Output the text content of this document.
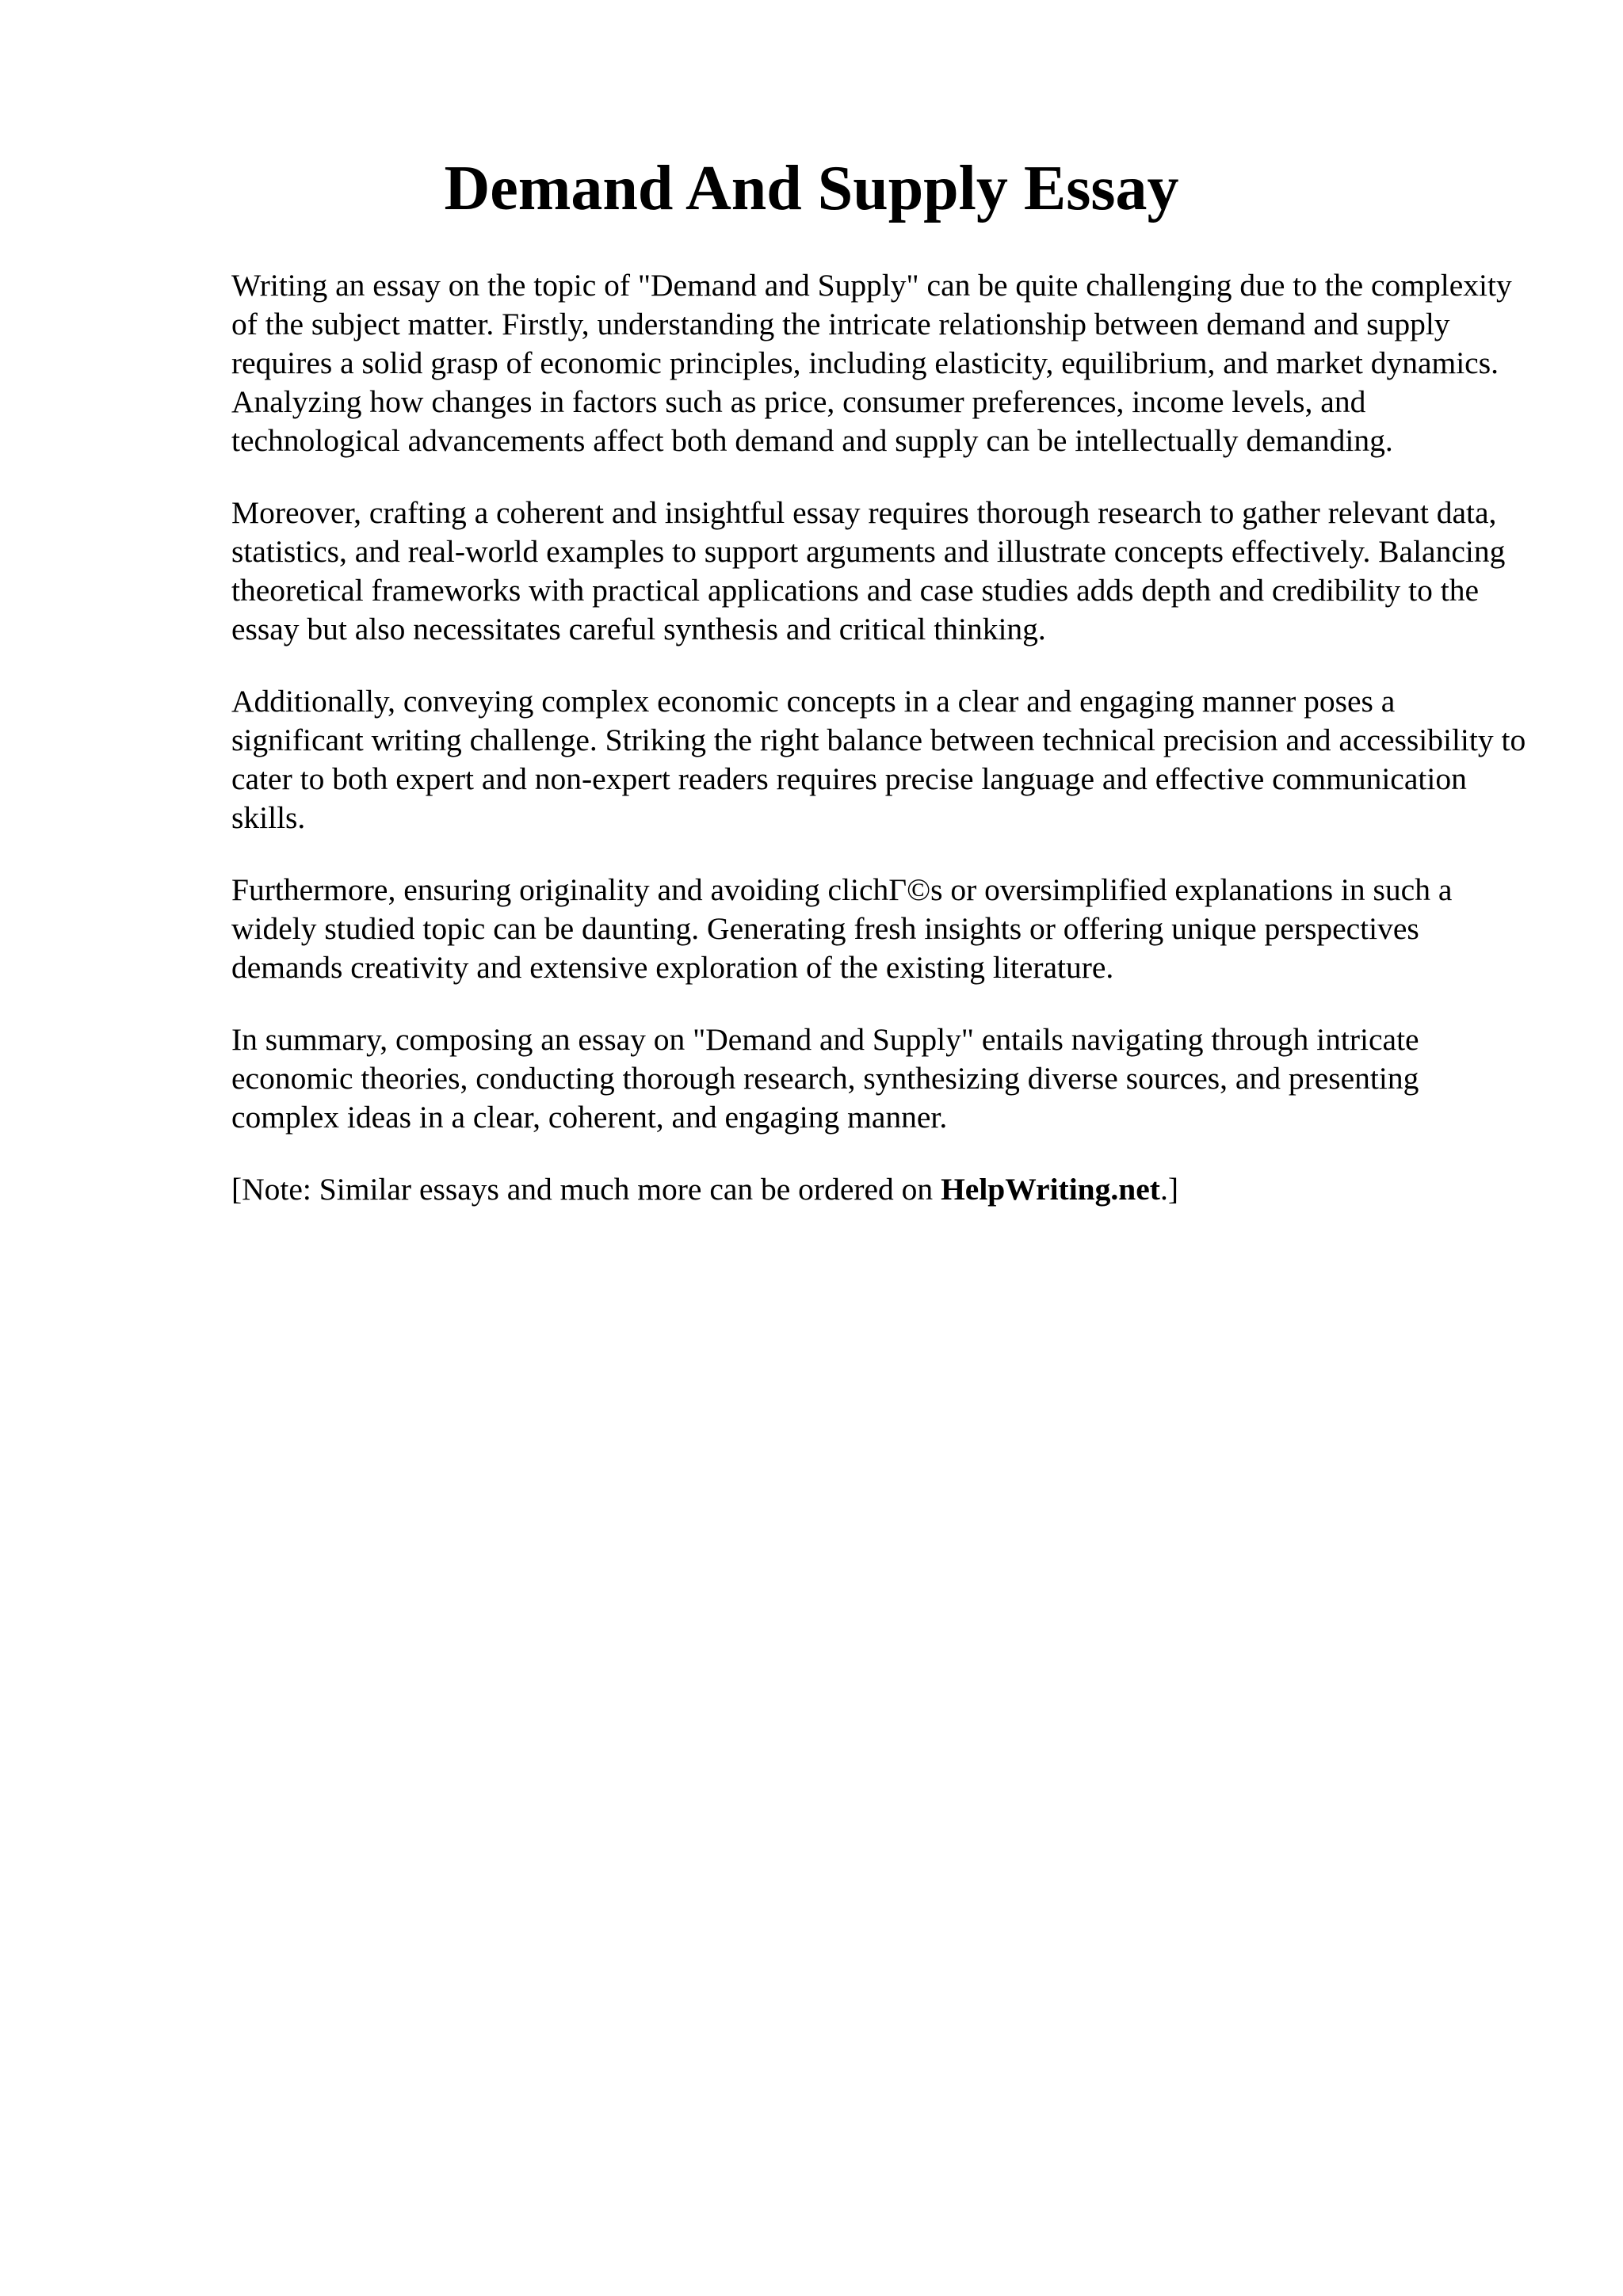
Demand And Supply Essay

Writing an essay on the topic of "Demand and Supply" can be quite challenging due to the complexity of the subject matter. Firstly, understanding the intricate relationship between demand and supply requires a solid grasp of economic principles, including elasticity, equilibrium, and market dynamics. Analyzing how changes in factors such as price, consumer preferences, income levels, and technological advancements affect both demand and supply can be intellectually demanding.

Moreover, crafting a coherent and insightful essay requires thorough research to gather relevant data, statistics, and real-world examples to support arguments and illustrate concepts effectively. Balancing theoretical frameworks with practical applications and case studies adds depth and credibility to the essay but also necessitates careful synthesis and critical thinking.

Additionally, conveying complex economic concepts in a clear and engaging manner poses a significant writing challenge. Striking the right balance between technical precision and accessibility to cater to both expert and non-expert readers requires precise language and effective communication skills.

Furthermore, ensuring originality and avoiding clichГ©s or oversimplified explanations in such a widely studied topic can be daunting. Generating fresh insights or offering unique perspectives demands creativity and extensive exploration of the existing literature.

In summary, composing an essay on "Demand and Supply" entails navigating through intricate economic theories, conducting thorough research, synthesizing diverse sources, and presenting complex ideas in a clear, coherent, and engaging manner.

[Note: Similar essays and much more can be ordered on HelpWriting.net.]
